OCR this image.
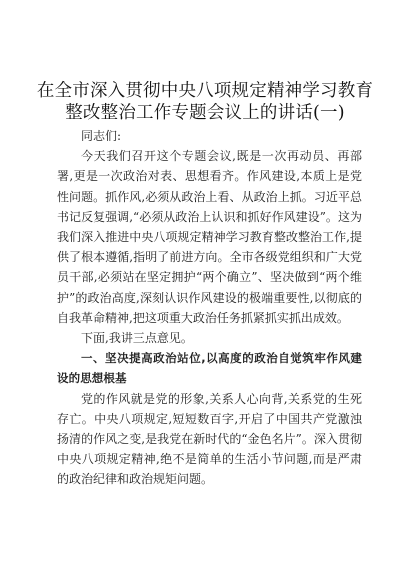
在全市深入贯彻中央八项规定精神学习教育整改整治工作专题会议上的讲话(一)

同志们:

今天我们召开这个专题会议,既是一次再动员、再部署,更是一次政治对表、思想看齐。作风建设,本质上是党性问题。抓作风,必须从政治上看、从政治上抓。习近平总书记反复强调,“必须从政治上认识和抓好作风建设”。这为我们深入推进中央八项规定精神学习教育整改整治工作,提供了根本遵循,指明了前进方向。全市各级党组织和广大党员干部,必须站在坚定拥护“两个确立”、坚决做到“两个维护”的政治高度,深刻认识作风建设的极端重要性,以彻底的自我革命精神,把这项重大政治任务抓紧抓实抓出成效。

下面,我讲三点意见。

一、坚决提高政治站位,以高度的政治自觉筑牢作风建设的思想根基

党的作风就是党的形象,关系人心向背,关系党的生死存亡。中央八项规定,短短数百字,开启了中国共产党激浊扬清的作风之变,是我党在新时代的“金色名片”。深入贯彻中央八项规定精神,绝不是简单的生活小节问题,而是严肃的政治纪律和政治规矩问题。
